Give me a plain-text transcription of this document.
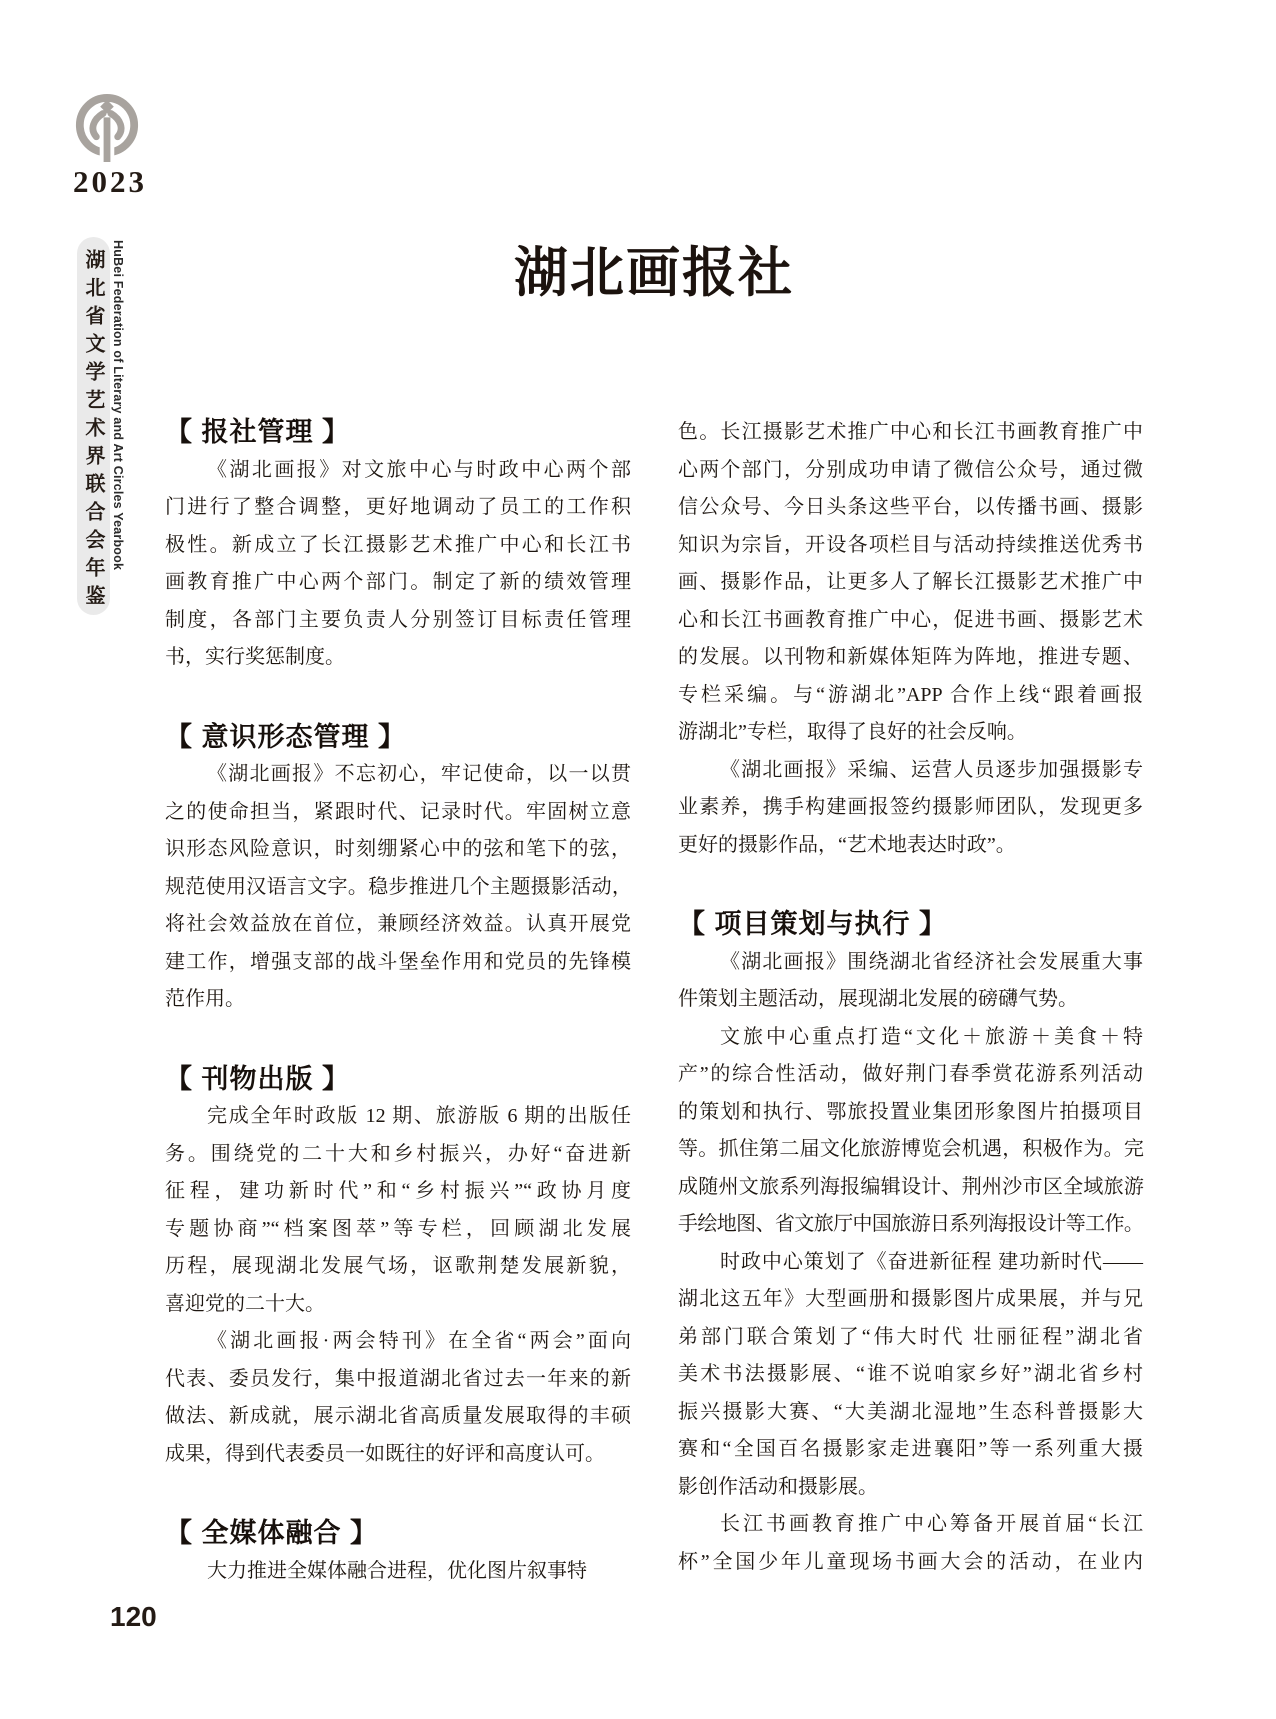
2023
湖北省文学艺术界联合会年鉴 HuBei Federation of Literary and Art Circles Yearbook	湖北画报社
【 报社管理 】
《湖北画报》对文旅中心与时政中心两个部
门进行了整合调整，更好地调动了员工的工作积
极性。新成立了长江摄影艺术推广中心和长江书
画教育推广中心两个部门。制定了新的绩效管理
制度，各部门主要负责人分别签订目标责任管理
书，实行奖惩制度。
【 意识形态管理 】
《湖北画报》不忘初心，牢记使命，以一以贯
之的使命担当，紧跟时代、记录时代。牢固树立意
识形态风险意识，时刻绷紧心中的弦和笔下的弦，
规范使用汉语言文字。稳步推进几个主题摄影活动，
将社会效益放在首位，兼顾经济效益。认真开展党
建工作，增强支部的战斗堡垒作用和党员的先锋模
范作用。
【 刊物出版 】
完成全年时政版 12 期、旅游版 6 期的出版任
务。围绕党的二十大和乡村振兴，办好“奋进新
征程，建功新时代”和“乡村振兴”“政协月度
专题协商”“档案图萃”等专栏，回顾湖北发展
历程，展现湖北发展气场，讴歌荆楚发展新貌，
喜迎党的二十大。
《湖北画报·两会特刊》在全省“两会”面向
代表、委员发行，集中报道湖北省过去一年来的新
做法、新成就，展示湖北省高质量发展取得的丰硕
成果，得到代表委员一如既往的好评和高度认可。
【 全媒体融合 】
大力推进全媒体融合进程，优化图片叙事特
色。长江摄影艺术推广中心和长江书画教育推广中
心两个部门，分别成功申请了微信公众号，通过微
信公众号、今日头条这些平台，以传播书画、摄影
知识为宗旨，开设各项栏目与活动持续推送优秀书
画、摄影作品，让更多人了解长江摄影艺术推广中
心和长江书画教育推广中心，促进书画、摄影艺术
的发展。以刊物和新媒体矩阵为阵地，推进专题、
专栏采编。与“游湖北”APP 合作上线“跟着画报
游湖北”专栏，取得了良好的社会反响。
《湖北画报》采编、运营人员逐步加强摄影专
业素养，携手构建画报签约摄影师团队，发现更多
更好的摄影作品，“艺术地表达时政”。
【 项目策划与执行 】
《湖北画报》围绕湖北省经济社会发展重大事
件策划主题活动，展现湖北发展的磅礴气势。
文旅中心重点打造“文化＋旅游＋美食＋特
产”的综合性活动，做好荆门春季赏花游系列活动
的策划和执行、鄂旅投置业集团形象图片拍摄项目
等。抓住第二届文化旅游博览会机遇，积极作为。完
成随州文旅系列海报编辑设计、荆州沙市区全域旅游
手绘地图、省文旅厅中国旅游日系列海报设计等工作。
时政中心策划了《奋进新征程 建功新时代——
湖北这五年》大型画册和摄影图片成果展，并与兄
弟部门联合策划了“伟大时代 壮丽征程”湖北省
美术书法摄影展、“谁不说咱家乡好”湖北省乡村
振兴摄影大赛、“大美湖北湿地”生态科普摄影大
赛和“全国百名摄影家走进襄阳”等一系列重大摄
影创作活动和摄影展。
长江书画教育推广中心筹备开展首届“长江
杯”全国少年儿童现场书画大会的活动，在业内
120
